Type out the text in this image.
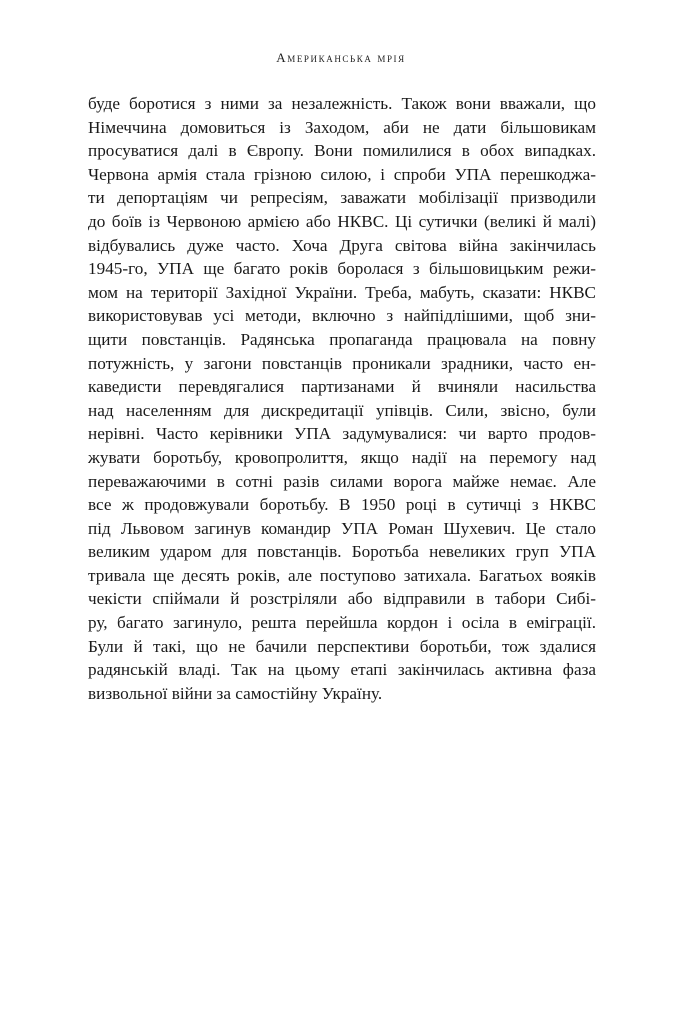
Американська мрія
буде боротися з ними за незалежність. Також вони вважали, що
Німеччина домовиться із Заходом, аби не дати більшовикам
просуватися далі в Європу. Вони помилилися в обох випадках.
Червона армія стала грізною силою, і спроби УПА перешкоджа-
ти депортаціям чи репресіям, заважати мобілізації призводили
до боїв із Червоною армією або НКВС. Ці сутички (великі й малі)
відбувались дуже часто. Хоча Друга світова війна закінчилась
1945-го, УПА ще багато років боролася з більшовицьким режи-
мом на території Західної України. Треба, мабуть, сказати: НКВС
використовував усі методи, включно з найпідлішими, щоб зни-
щити повстанців. Радянська пропаганда працювала на повну
потужність, у загони повстанців проникали зрадники, часто ен-
каведисти перевдягалися партизанами й вчиняли насильства
над населенням для дискредитації упівців. Сили, звісно, були
нерівні. Часто керівники УПА задумувалися: чи варто продов-
жувати боротьбу, кровопролиття, якщо надії на перемогу над
переважаючими в сотні разів силами ворога майже немає. Але
все ж продовжували боротьбу. В 1950 році в сутичці з НКВС
під Львовом загинув командир УПА Роман Шухевич. Це стало
великим ударом для повстанців. Боротьба невеликих груп УПА
тривала ще десять років, але поступово затихала. Багатьох вояків
чекісти спіймали й розстріляли або відправили в табори Сибі-
ру, багато загинуло, решта перейшла кордон і осіла в еміграції.
Були й такі, що не бачили перспективи боротьби, тож здалися
радянській владі. Так на цьому етапі закінчилась активна фаза
визвольної війни за самостійну Україну.
